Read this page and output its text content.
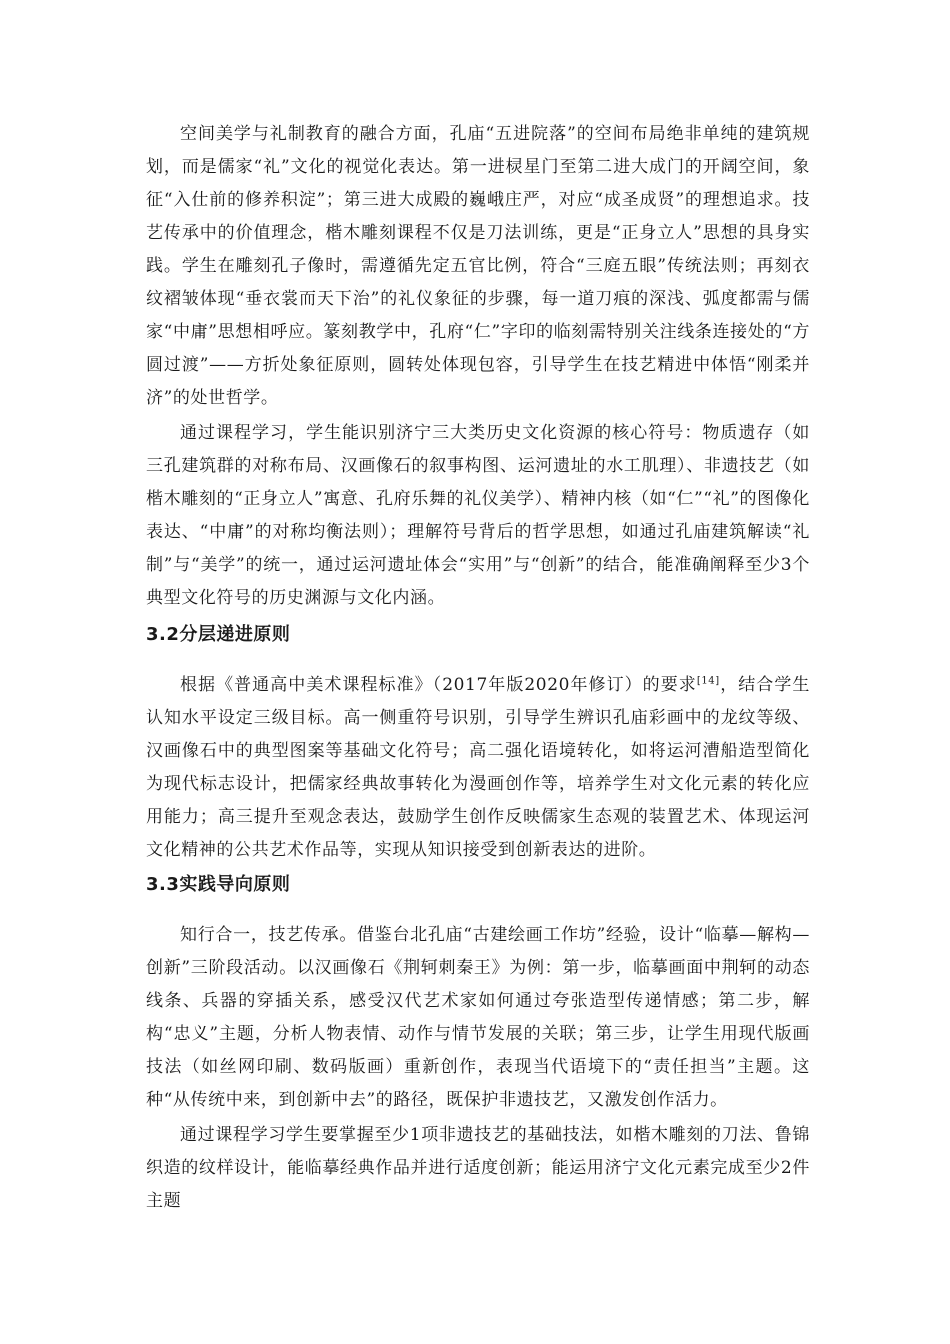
空间美学与礼制教育的融合方面，孔庙“五进院落”的空间布局绝非单纯的建筑规划，而是儒家“礼”文化的视觉化表达。第一进棂星门至第二进大成门的开阔空间，象征“入仕前的修养积淀”；第三进大成殿的巍峨庄严，对应“成圣成贤”的理想追求。技艺传承中的价值理念，楷木雕刻课程不仅是刀法训练，更是“正身立人”思想的具身实践。学生在雕刻孔子像时，需遵循先定五官比例，符合“三庭五眼”传统法则；再刻衣纹褶皱体现“垂衣裳而天下治”的礼仪象征的步骤，每一道刀痕的深浅、弧度都需与儒家“中庸”思想相呼应。篆刻教学中，孔府“仁”字印的临刻需特别关注线条连接处的“方圆过渡”——方折处象征原则，圆转处体现包容，引导学生在技艺精进中体悟“刚柔并济”的处世哲学。

通过课程学习，学生能识别济宁三大类历史文化资源的核心符号：物质遗存（如三孔建筑群的对称布局、汉画像石的叙事构图、运河遗址的水工肌理）、非遗技艺（如楷木雕刻的“正身立人”寓意、孔府乐舞的礼仪美学）、精神内核（如“仁”“礼”的图像化表达、“中庸”的对称均衡法则）；理解符号背后的哲学思想，如通过孔庙建筑解读“礼制”与“美学”的统一，通过运河遗址体会“实用”与“创新”的结合，能准确阐释至少3个典型文化符号的历史渊源与文化内涵。

3.2分层递进原则

根据《普通高中美术课程标准》（2017年版2020年修订）的要求[14]，结合学生认知水平设定三级目标。高一侧重符号识别，引导学生辨识孔庙彩画中的龙纹等级、汉画像石中的典型图案等基础文化符号；高二强化语境转化，如将运河漕船造型简化为现代标志设计，把儒家经典故事转化为漫画创作等，培养学生对文化元素的转化应用能力；高三提升至观念表达，鼓励学生创作反映儒家生态观的装置艺术、体现运河文化精神的公共艺术作品等，实现从知识接受到创新表达的进阶。

3.3实践导向原则

知行合一，技艺传承。借鉴台北孔庙“古建绘画工作坊”经验，设计“临摹—解构—创新”三阶段活动。以汉画像石《荆轲刺秦王》为例：第一步，临摹画面中荆轲的动态线条、兵器的穿插关系，感受汉代艺术家如何通过夸张造型传递情感；第二步，解构“忠义”主题，分析人物表情、动作与情节发展的关联；第三步，让学生用现代版画技法（如丝网印刷、数码版画）重新创作，表现当代语境下的“责任担当”主题。这种“从传统中来，到创新中去”的路径，既保护非遗技艺，又激发创作活力。

通过课程学习学生要掌握至少1项非遗技艺的基础技法，如楷木雕刻的刀法、鲁锦织造的纹样设计，能临摹经典作品并进行适度创新；能运用济宁文化元素完成至少2件主题
